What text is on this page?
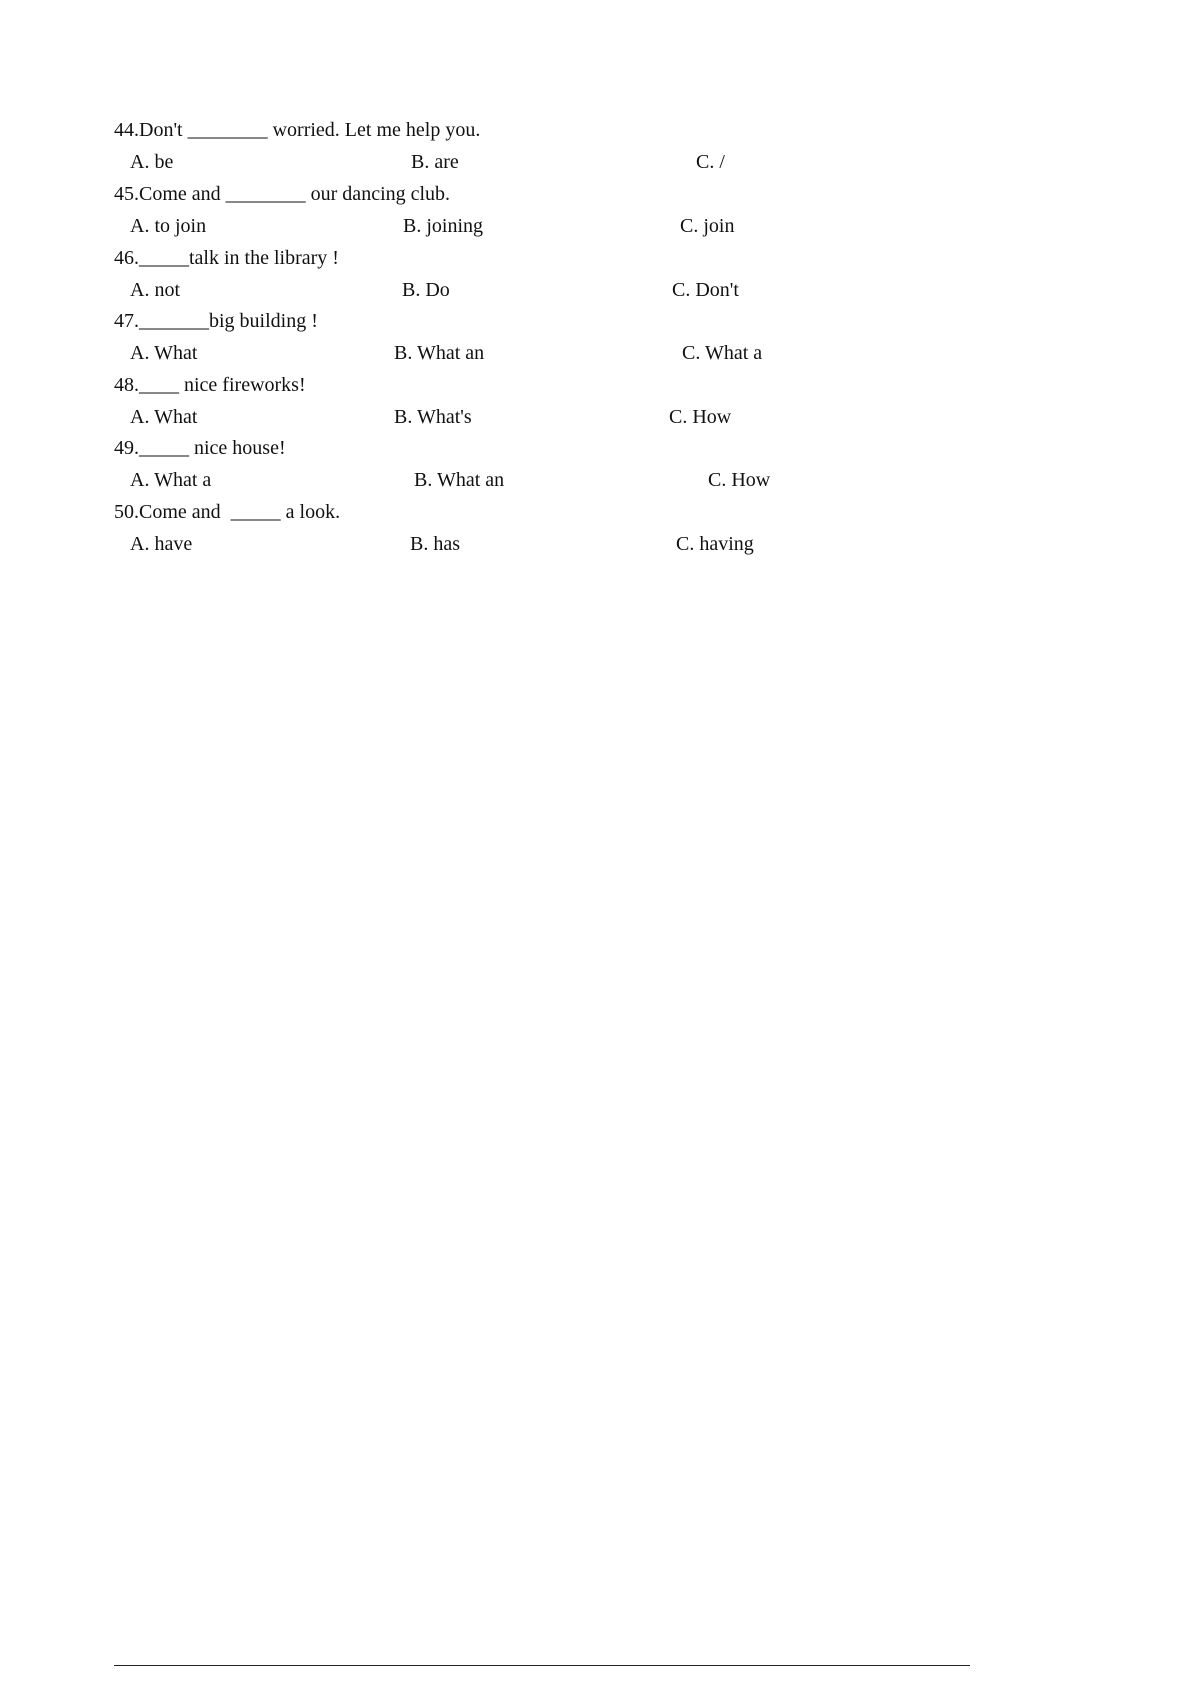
44.Don't ________ worried. Let me help you.
A. be	B. are	C. /
45.Come and ________ our dancing club.
A. to join	B. joining	C. join
46._____talk in the library !
A. not	B. Do	C. Don't
47._______big building !
A. What	B. What an	C. What a
48.____ nice fireworks!
A. What	B. What's	C. How
49._____ nice house!
A. What a	B. What an	C. How
50.Come and  _____ a look.
A. have	B. has	C. having
